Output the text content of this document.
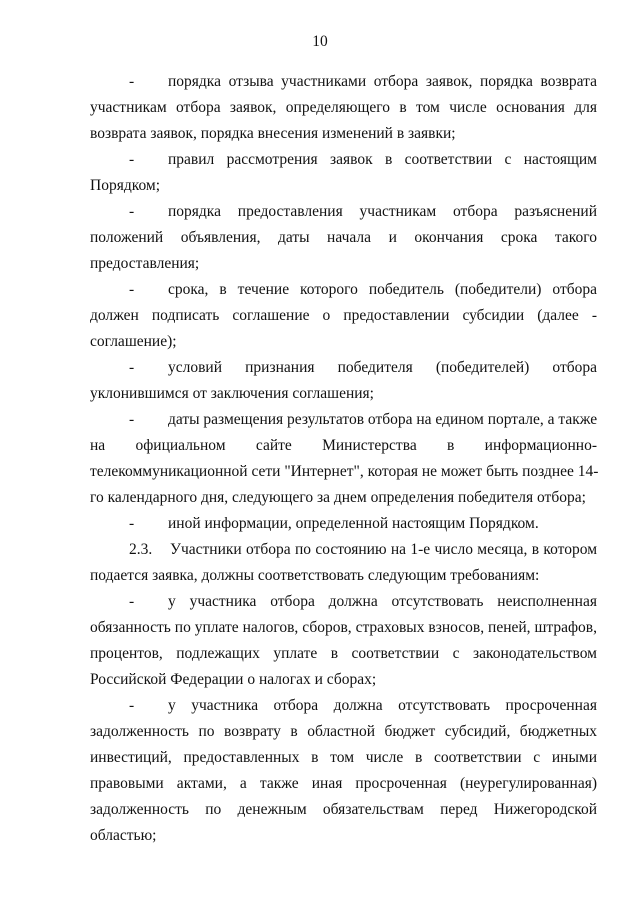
10
-	порядка отзыва участниками отбора заявок, порядка возврата
участникам отбора заявок, определяющего в том числе основания для
возврата заявок, порядка внесения изменений в заявки;
-	правил рассмотрения заявок в соответствии с настоящим
Порядком;
-	порядка предоставления участникам отбора разъяснений
положений объявления, даты начала и окончания срока такого
предоставления;
-	срока, в течение которого победитель (победители) отбора
должен подписать соглашение о предоставлении субсидии (далее -
соглашение);
-	условий признания победителя (победителей) отбора
уклонившимся от заключения соглашения;
-	даты размещения результатов отбора на едином портале, а также
на официальном сайте Министерства в информационно-
телекоммуникационной сети "Интернет", которая не может быть позднее 14-
го календарного дня, следующего за днем определения победителя отбора;
-	иной информации, определенной настоящим Порядком.
2.3. Участники отбора по состоянию на 1-е число месяца, в котором
подается заявка, должны соответствовать следующим требованиям:
-	у участника отбора должна отсутствовать неисполненная
обязанность по уплате налогов, сборов, страховых взносов, пеней, штрафов,
процентов, подлежащих уплате в соответствии с законодательством
Российской Федерации о налогах и сборах;
-	у участника отбора должна отсутствовать просроченная
задолженность по возврату в областной бюджет субсидий, бюджетных
инвестиций, предоставленных в том числе в соответствии с иными
правовыми актами, а также иная просроченная (неурегулированная)
задолженность по денежным обязательствам перед Нижегородской
областью;
